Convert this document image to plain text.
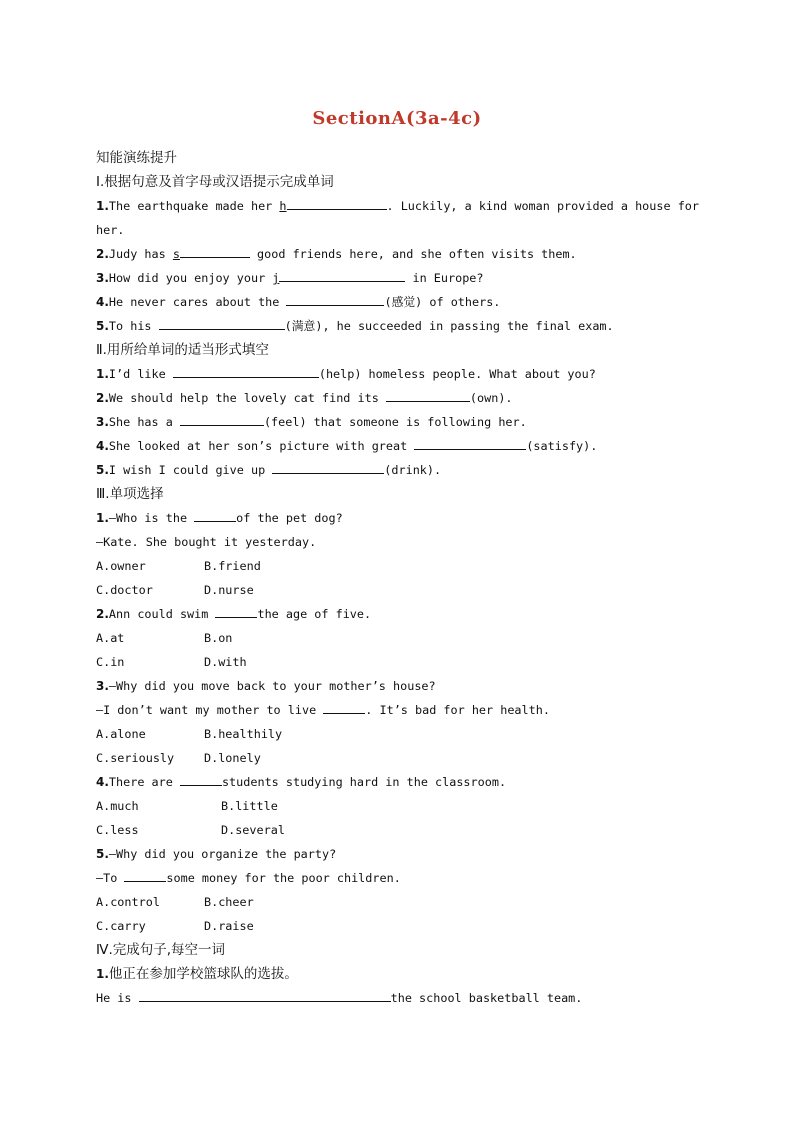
SectionA(3a-4c)
知能演练提升
Ⅰ.根据句意及首字母或汉语提示完成单词
1.The earthquake made her h	. Luckily, a kind woman provided a house for
her.
2.Judy has s	good friends here, and she often visits them.
3.How did you enjoy your j	in Europe?
4.He never cares about the	(感觉) of others.
5.To his	(满意), he succeeded in passing the final exam.
Ⅱ.用所给单词的适当形式填空
1.I’d like	(help) homeless people. What about you?
2.We should help the lovely cat find its	(own).
3.She has a	(feel) that someone is following her.
4.She looked at her son’s picture with great	(satisfy).
5.I wish I could give up	(drink).
Ⅲ.单项选择
1.—Who is the	of the pet dog?
—Kate. She bought it yesterday.
A.owner	B.friend
C.doctor	D.nurse
2.Ann could swim	the age of five.
A.at	B.on
C.in	D.with
3.—Why did you move back to your mother’s house?
—I don’t want my mother to live	. It’s bad for her health.
A.alone	B.healthily
C.seriously	D.lonely
4.There are	students studying hard in the classroom.
A.much	B.little
C.less	D.several
5.—Why did you organize the party?
—To	some money for the poor children.
A.control	B.cheer
C.carry	D.raise
Ⅳ.完成句子,每空一词
1.他正在参加学校篮球队的选拔。
He is	the school basketball team.
